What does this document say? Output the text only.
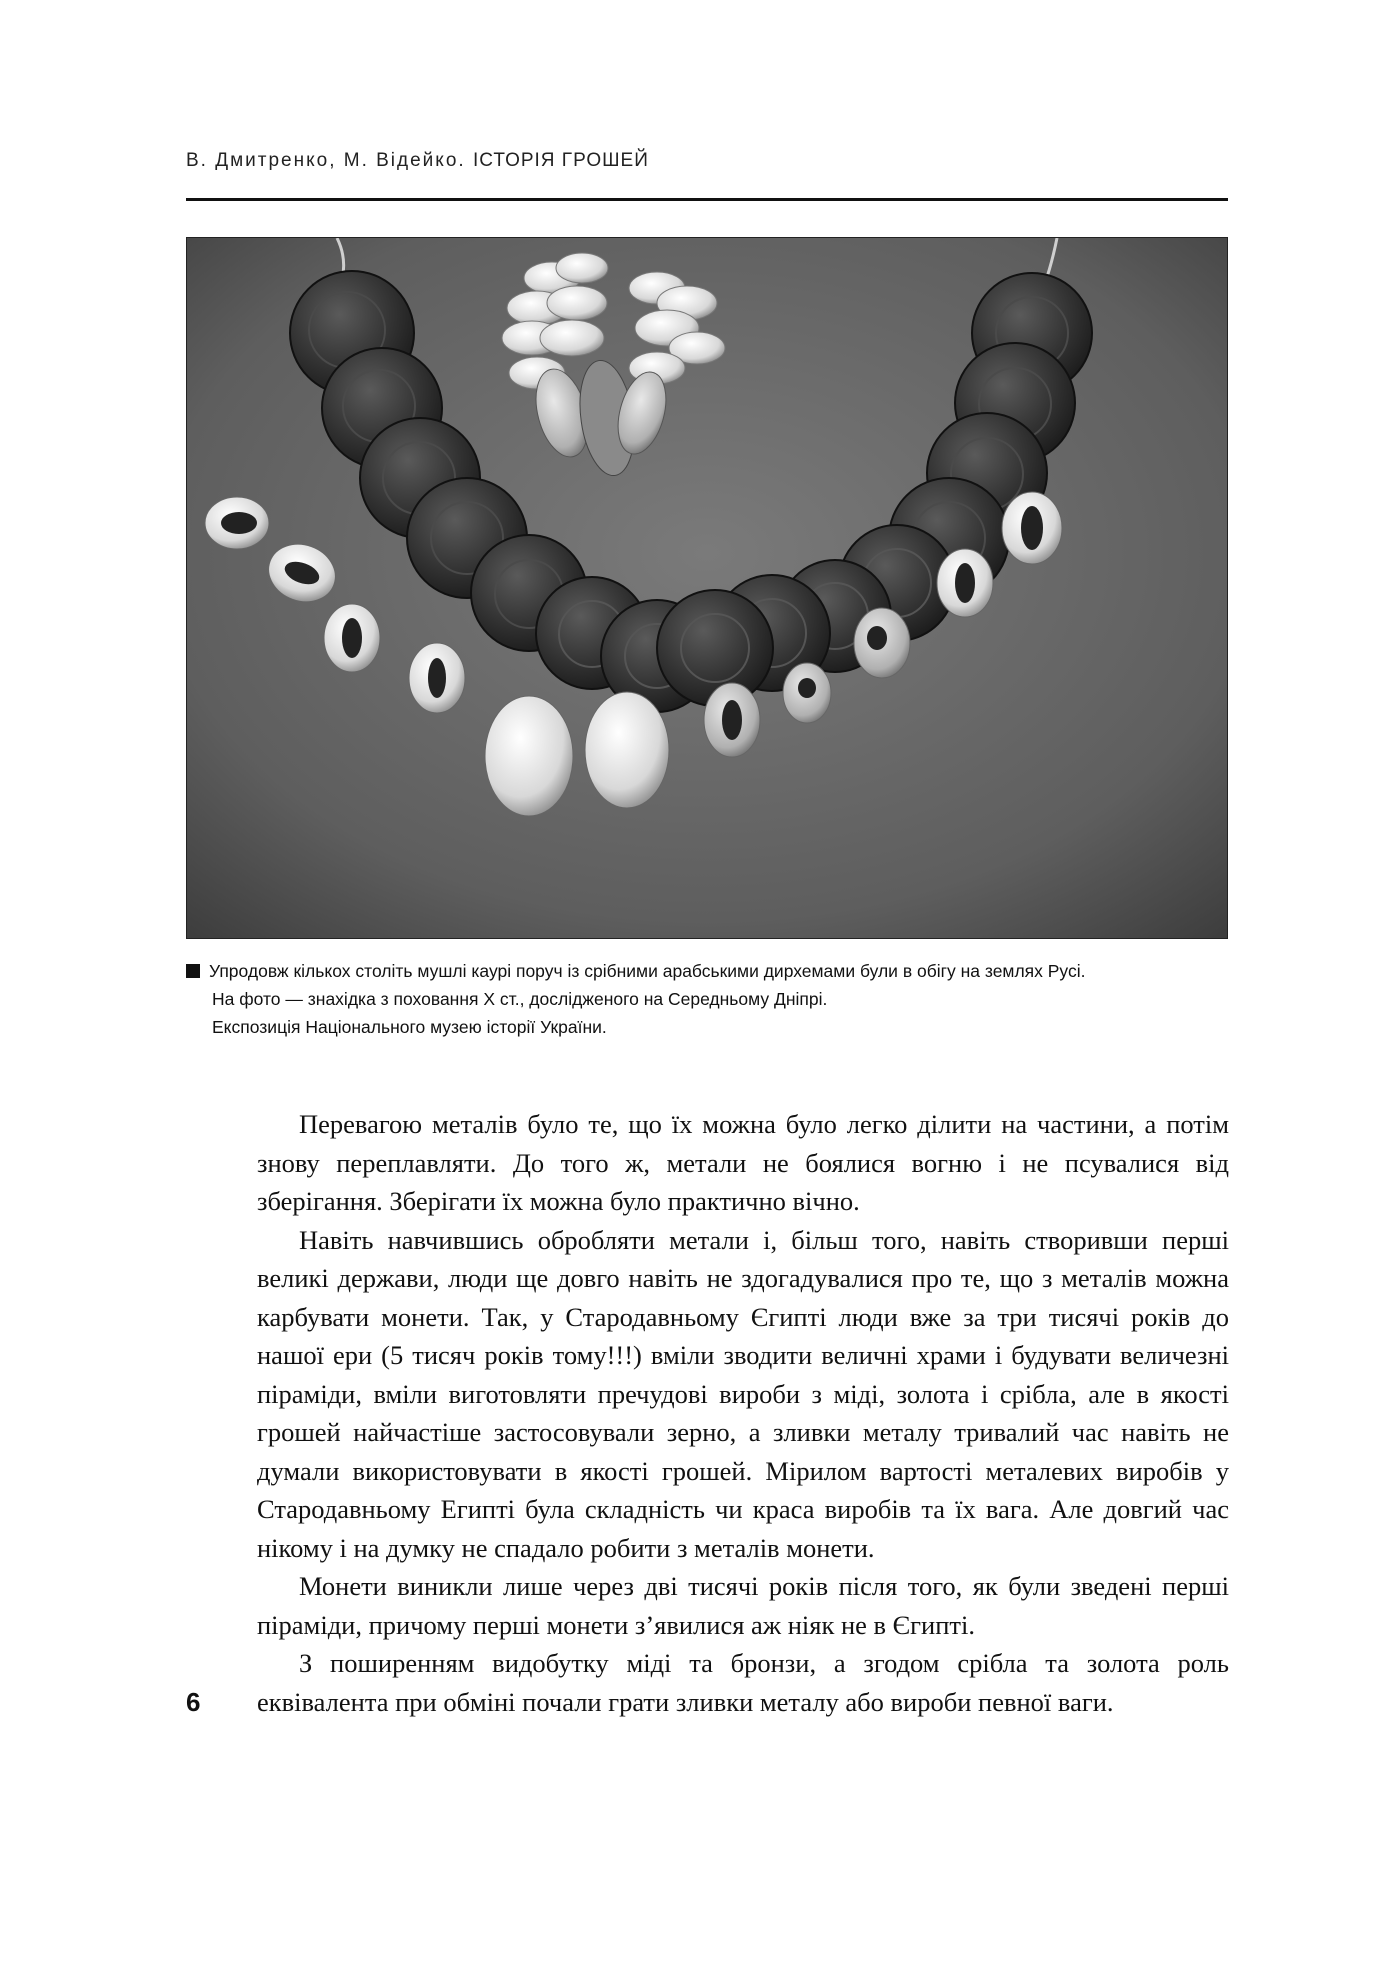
В. Дмитренко, М. Відейко. ІСТОРІЯ ГРОШЕЙ
Упродовж кількох століть мушлі каурі поруч із срібними арабськими дирхемами були в обігу на землях Русі.
На фото — знахідка з поховання Х ст., дослідженого на Середньому Дніпрі.
Експозиція Національного музею історії України.

Перевагою металів було те, що їх можна було легко ділити на частини, а потім знову переплавляти. До того ж, метали не боялися вогню і не псувалися від зберігання. Зберігати їх можна було практично вічно.

Навіть навчившись обробляти метали і, більш того, навіть створивши перші великі держави, люди ще довго навіть не здогадувалися про те, що з металів можна карбувати монети. Так, у Стародавньому Єгипті люди вже за три тисячі років до нашої ери (5 тисяч років тому!!!) вміли зводити величні храми і будувати величезні піраміди, вміли виготовляти пречудові вироби з міді, золота і срібла, але в якості грошей найчастіше застосовували зерно, а зливки металу тривалий час навіть не думали використовувати в якості грошей. Мірилом вартості металевих виробів у Стародавньому Египті була складність чи краса виробів та їх вага. Але довгий час нікому і на думку не спадало робити з металів монети.

Монети виникли лише через дві тисячі років після того, як були зведені перші піраміди, причому перші монети з’явилися аж ніяк не в Єгипті.

З поширенням видобутку міді та бронзи, а згодом срібла та золота роль еквівалента при обміні почали грати зливки металу або вироби певної ваги.

6
